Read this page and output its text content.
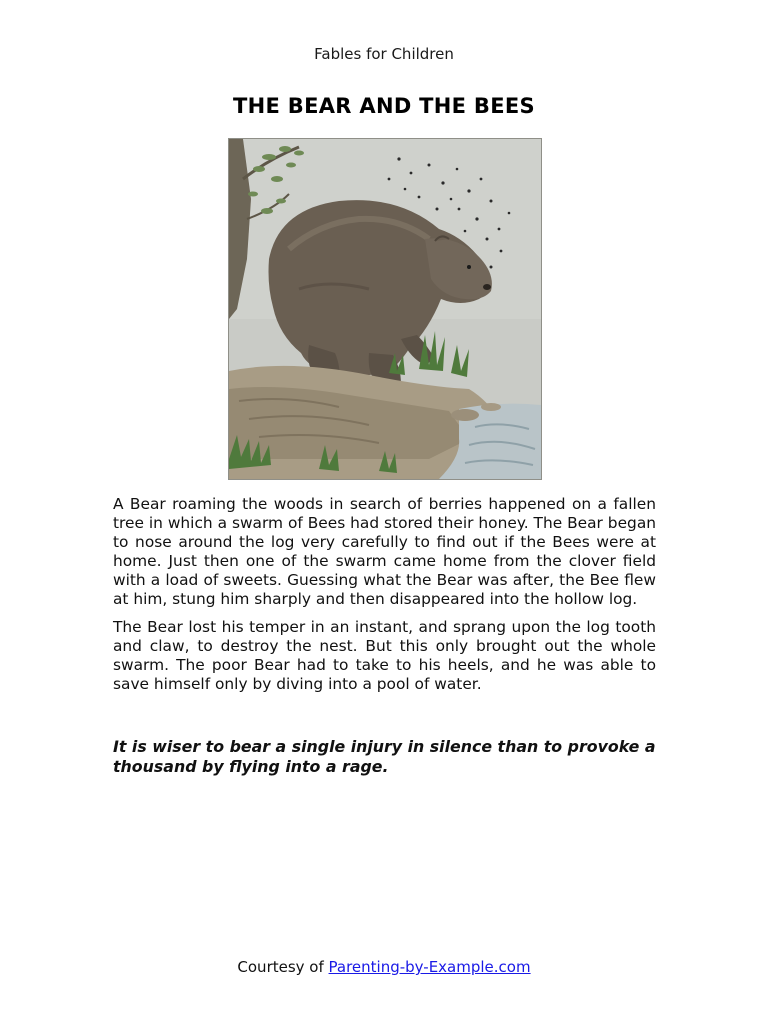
Fables for Children
THE BEAR AND THE BEES

A Bear roaming the woods in search of berries happened on a fallen tree in which a swarm of Bees had stored their honey. The Bear began to nose around the log very carefully to find out if the Bees were at home. Just then one of the swarm came home from the clover field with a load of sweets. Guessing what the Bear was after, the Bee flew at him, stung him sharply and then disappeared into the hollow log.

The Bear lost his temper in an instant, and sprang upon the log tooth and claw, to destroy the nest. But this only brought out the whole swarm. The poor Bear had to take to his heels, and he was able to save himself only by diving into a pool of water.

It is wiser to bear a single injury in silence than to provoke a thousand by flying into a rage.
Courtesy of Parenting-by-Example.com
